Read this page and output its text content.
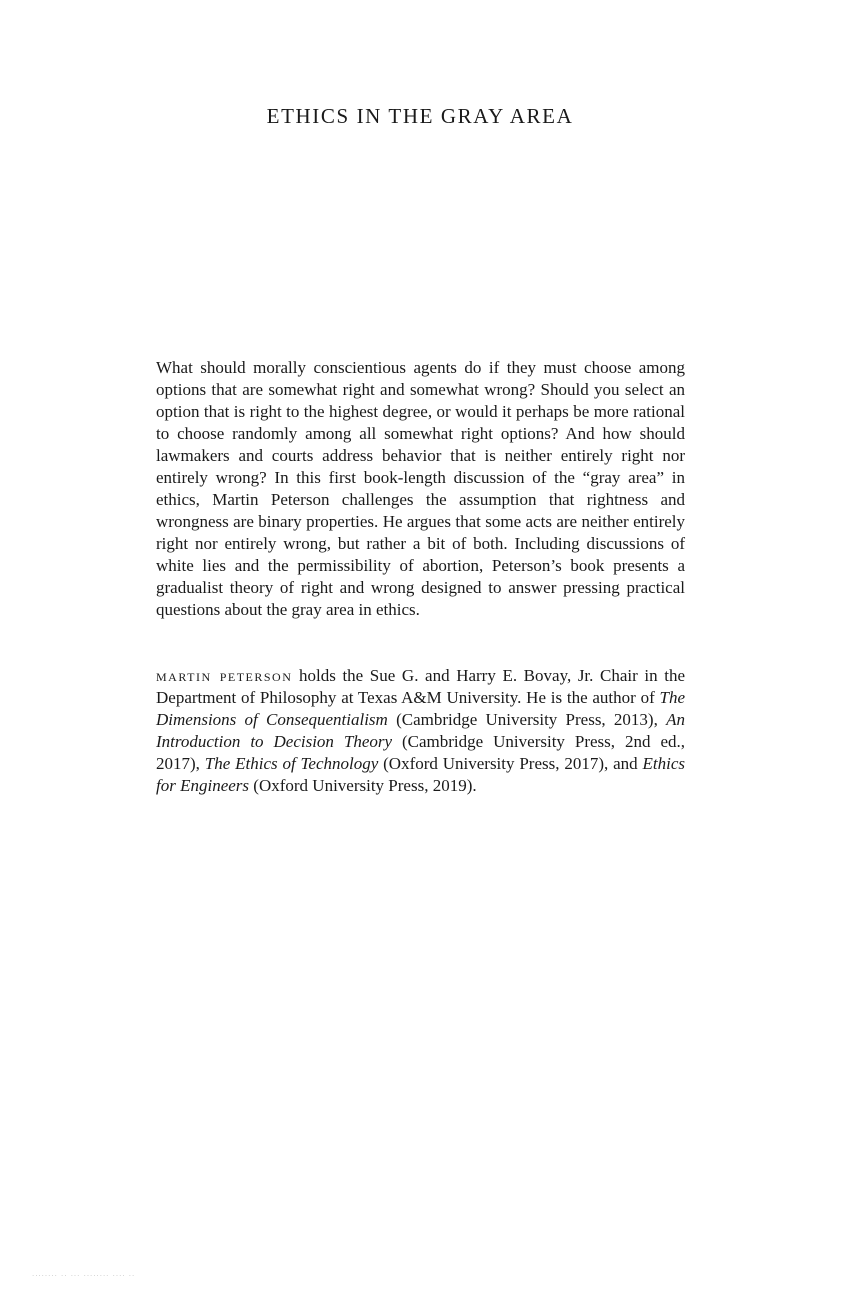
ETHICS IN THE GRAY AREA

What should morally conscientious agents do if they must choose among options that are somewhat right and somewhat wrong? Should you select an option that is right to the highest degree, or would it perhaps be more rational to choose randomly among all somewhat right options? And how should lawmakers and courts address behavior that is neither entirely right nor entirely wrong? In this first book-length discussion of the “gray area” in ethics, Martin Peterson challenges the assumption that rightness and wrongness are binary properties. He argues that some acts are neither entirely right nor entirely wrong, but rather a bit of both. Including discussions of white lies and the permissibility of abortion, Peterson’s book presents a gradualist theory of right and wrong designed to answer pressing practical questions about the gray area in ethics.

martin peterson holds the Sue G. and Harry E. Bovay, Jr. Chair in the Department of Philosophy at Texas A&M University. He is the author of The Dimensions of Consequentialism (Cambridge University Press, 2013), An Introduction to Decision Theory (Cambridge University Press, 2nd ed., 2017), The Ethics of Technology (Oxford University Press, 2017), and Ethics for Engineers (Oxford University Press, 2019).

········ ·· ··· ········ ···· ··
